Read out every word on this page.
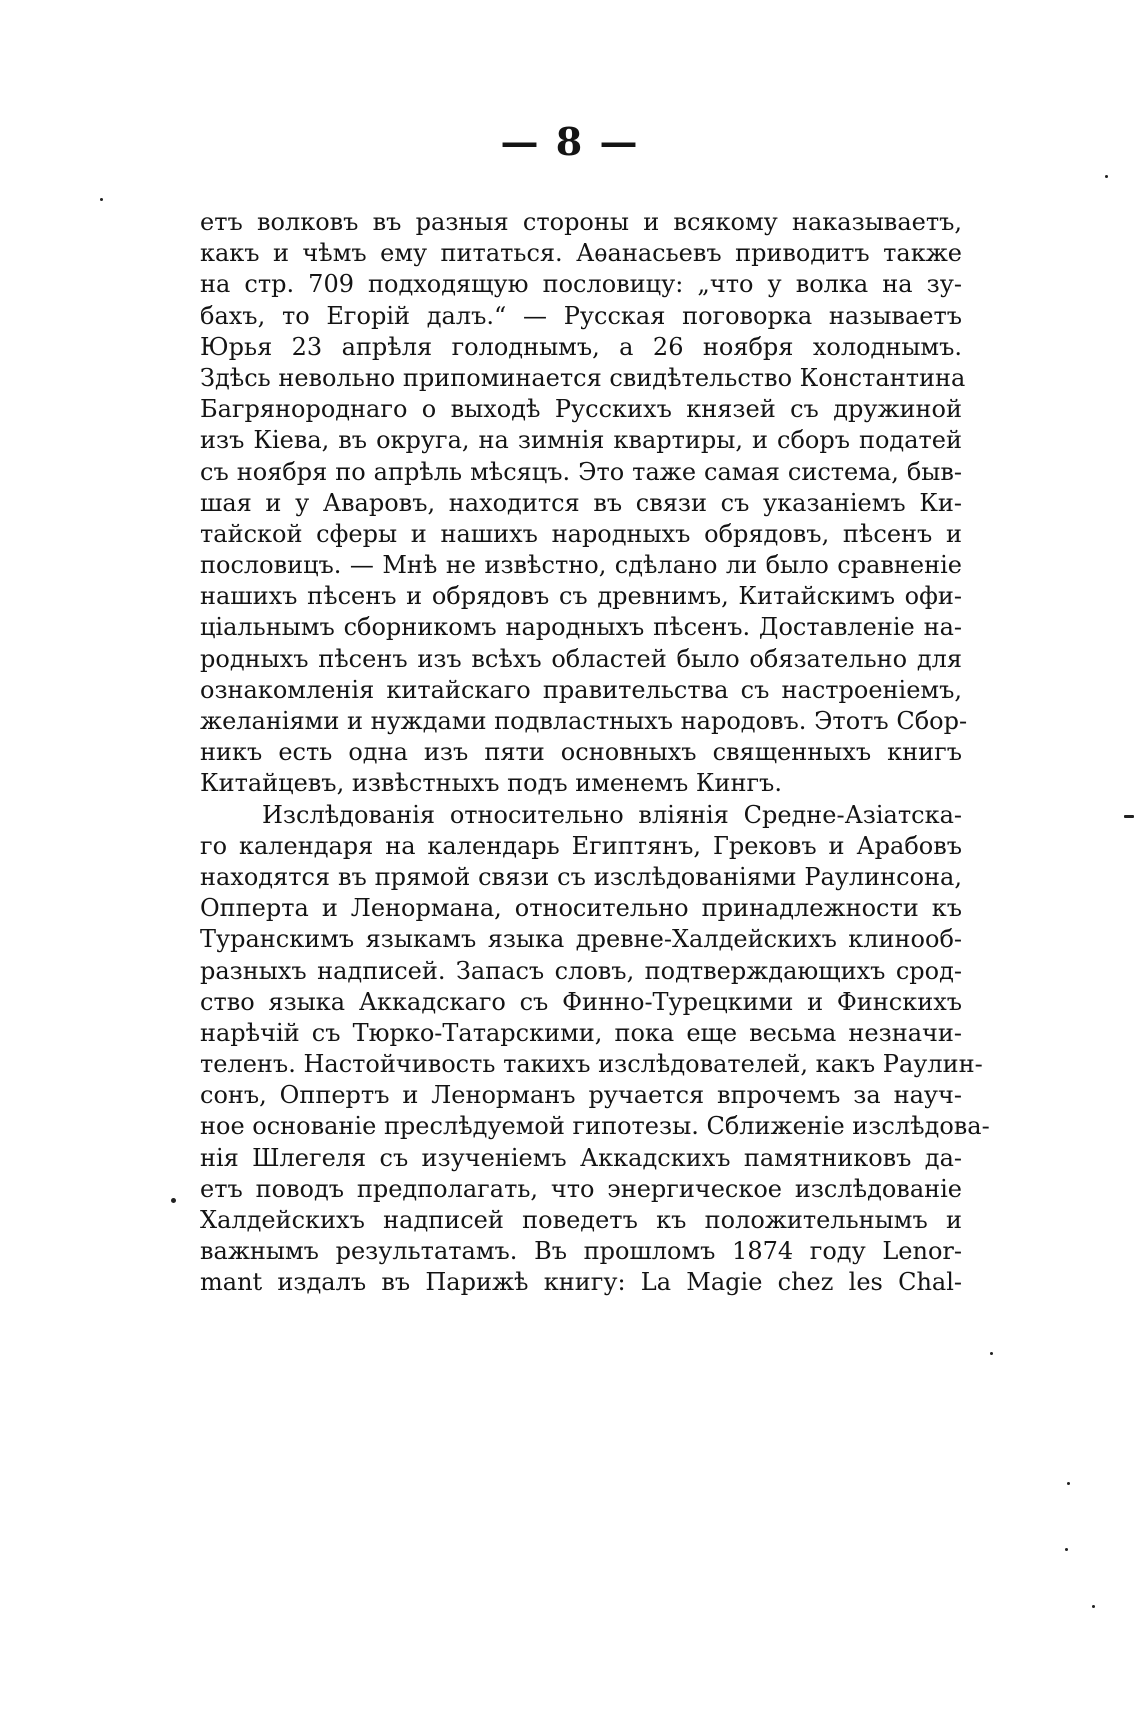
— 8 —
етъ волковъ въ разныя стороны и всякому наказываетъ,
какъ и чѣмъ ему питаться. Аѳанасьевъ приводитъ также
на стр. 709 подходящую пословицу: „что у волка на зу-
бахъ, то Егорій далъ.“ — Русская поговорка называетъ
Юрья 23 апрѣля голоднымъ, а 26 ноября холоднымъ.
Здѣсь невольно припоминается свидѣтельство Константина
Багрянороднаго о выходѣ Русскихъ князей съ дружиной
изъ Кіева, въ округа, на зимнія квартиры, и сборъ податей
съ ноября по апрѣль мѣсяцъ. Это таже самая система, быв-
шая и у Аваровъ, находится въ связи съ указаніемъ Ки-
тайской сферы и нашихъ народныхъ обрядовъ, пѣсенъ и
пословицъ. — Мнѣ не извѣстно, сдѣлано ли было сравненіе
нашихъ пѣсенъ и обрядовъ съ древнимъ, Китайскимъ офи-
ціальнымъ сборникомъ народныхъ пѣсенъ. Доставленіе на-
родныхъ пѣсенъ изъ всѣхъ областей было обязательно для
ознакомленія китайскаго правительства съ настроеніемъ,
желаніями и нуждами подвластныхъ народовъ. Этотъ Сбор-
никъ есть одна изъ пяти основныхъ священныхъ книгъ
Китайцевъ, извѣстныхъ подъ именемъ Кингъ.
Изслѣдованія относительно вліянія Средне-Азіатска-
го календаря на календарь Египтянъ, Грековъ и Арабовъ
находятся въ прямой связи съ изслѣдованіями Раулинсона,
Опперта и Ленормана, относительно принадлежности къ
Туранскимъ языкамъ языка древне-Халдейскихъ клинооб-
разныхъ надписей. Запасъ словъ, подтверждающихъ срод-
ство языка Аккадскаго съ Финно-Турецкими и Финскихъ
нарѣчій съ Тюрко-Татарскими, пока еще весьма незначи-
теленъ. Настойчивость такихъ изслѣдователей, какъ Раулин-
сонъ, Оппертъ и Ленорманъ ручается впрочемъ за науч-
ное основаніе преслѣдуемой гипотезы. Сближеніе изслѣдова-
нія Шлегеля съ изученіемъ Аккадскихъ памятниковъ да-
етъ поводъ предполагать, что энергическое изслѣдованіе
Халдейскихъ надписей поведетъ къ положительнымъ и
важнымъ результатамъ. Въ прошломъ 1874 году Lenor-
mant издалъ въ Парижѣ книгу: La Magie chez les Chal-
